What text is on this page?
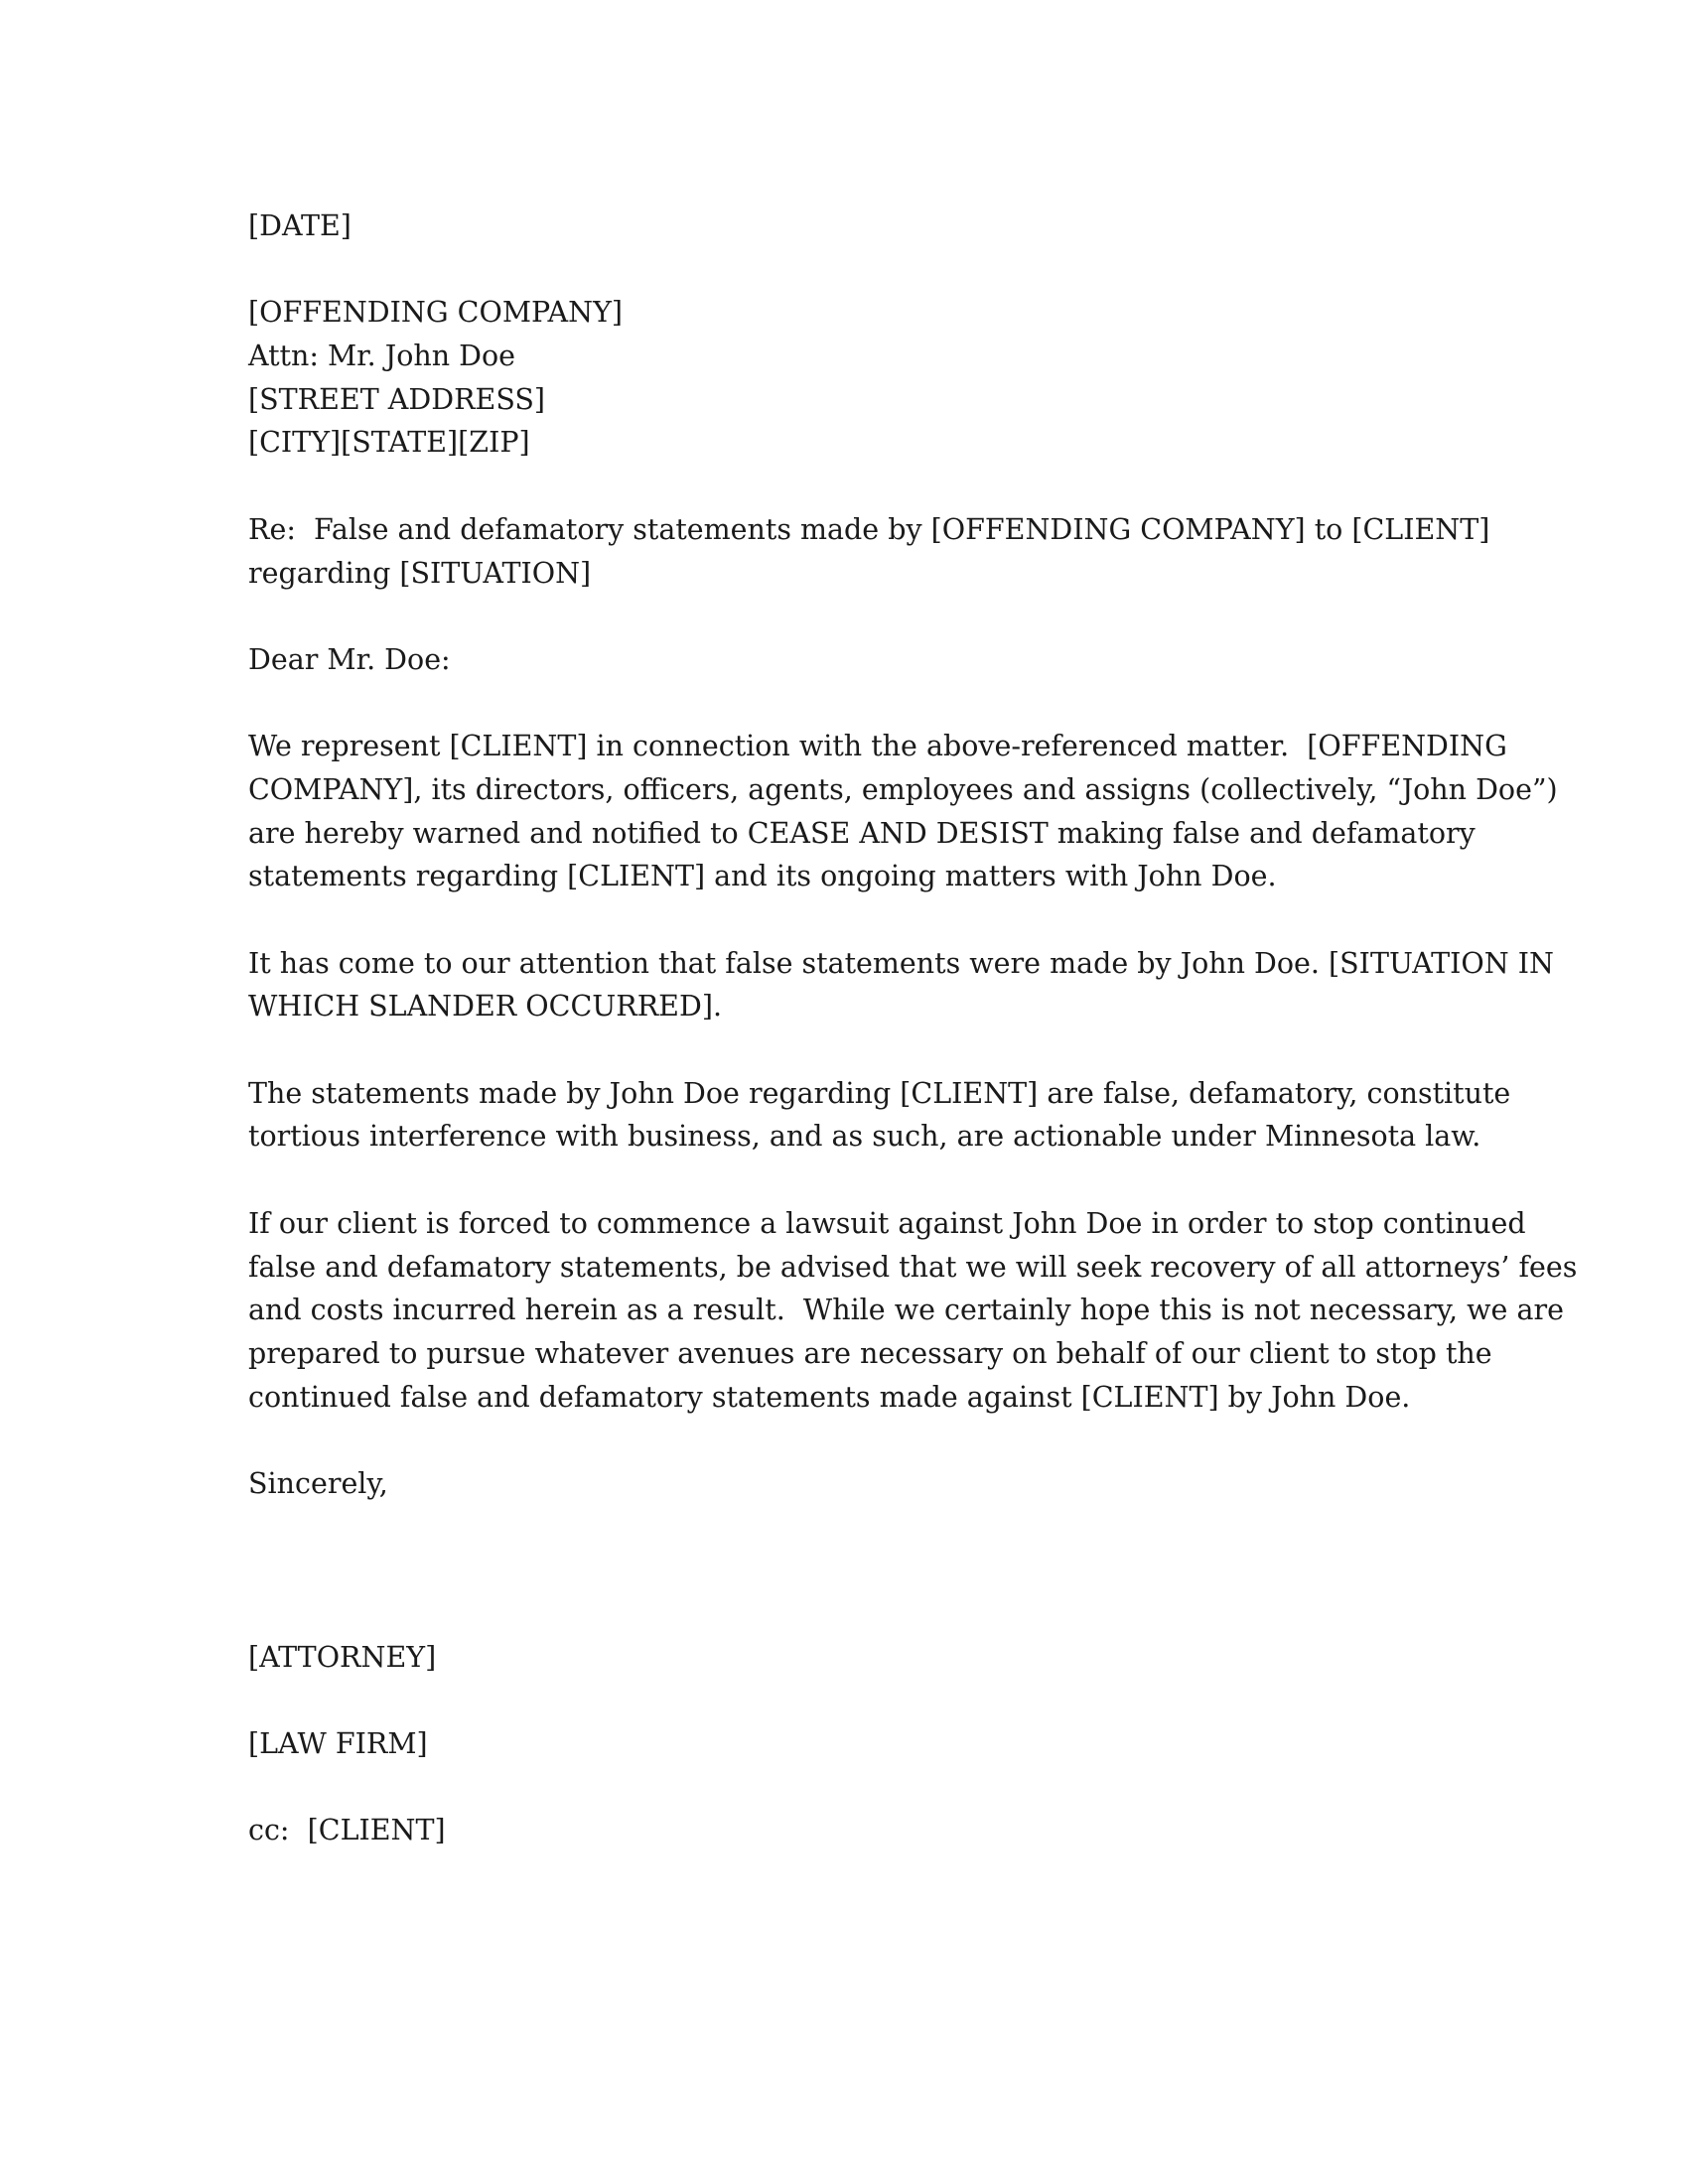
[DATE]
[OFFENDING COMPANY]
Attn: Mr. John Doe
[STREET ADDRESS]
[CITY][STATE][ZIP]
Re:  False and defamatory statements made by [OFFENDING COMPANY] to [CLIENT]
regarding [SITUATION]
Dear Mr. Doe:
We represent [CLIENT] in connection with the above-referenced matter.  [OFFENDING
COMPANY], its directors, officers, agents, employees and assigns (collectively, “John Doe”)
are hereby warned and notified to CEASE AND DESIST making false and defamatory
statements regarding [CLIENT] and its ongoing matters with John Doe.
It has come to our attention that false statements were made by John Doe. [SITUATION IN
WHICH SLANDER OCCURRED].
The statements made by John Doe regarding [CLIENT] are false, defamatory, constitute
tortious interference with business, and as such, are actionable under Minnesota law.
If our client is forced to commence a lawsuit against John Doe in order to stop continued
false and defamatory statements, be advised that we will seek recovery of all attorneys’ fees
and costs incurred herein as a result.  While we certainly hope this is not necessary, we are
prepared to pursue whatever avenues are necessary on behalf of our client to stop the
continued false and defamatory statements made against [CLIENT] by John Doe.
Sincerely,
[ATTORNEY]
[LAW FIRM]
cc:  [CLIENT]
